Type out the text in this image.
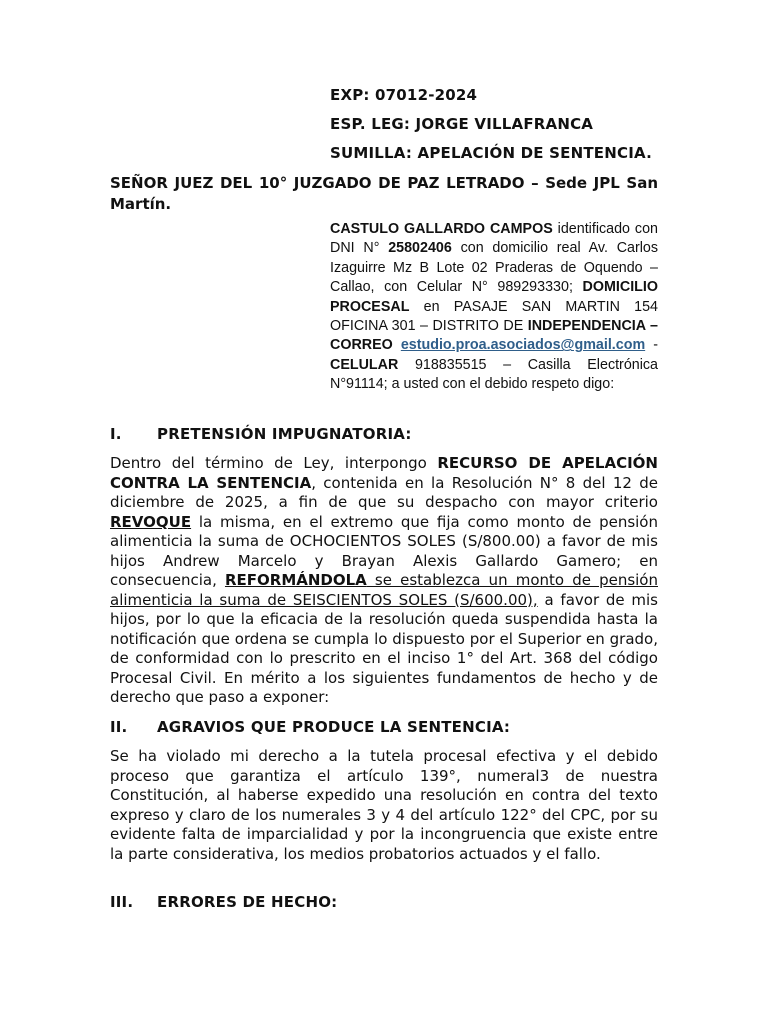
EXP: 07012-2024
ESP. LEG: JORGE VILLAFRANCA
SUMILLA: APELACIÓN DE SENTENCIA.
SEÑOR JUEZ DEL 10° JUZGADO DE PAZ LETRADO – Sede JPL San Martín.
CASTULO GALLARDO CAMPOS identificado con DNI N° 25802406 con domicilio real Av. Carlos Izaguirre Mz B Lote 02 Praderas de Oquendo – Callao, con Celular N° 989293330; DOMICILIO PROCESAL en PASAJE SAN MARTIN 154 OFICINA 301 – DISTRITO DE INDEPENDENCIA – CORREO estudio.proa.asociados@gmail.com - CELULAR 918835515 – Casilla Electrónica N°91114; a usted con el debido respeto digo:
I. PRETENSIÓN IMPUGNATORIA:
Dentro del término de Ley, interpongo RECURSO DE APELACIÓN CONTRA LA SENTENCIA, contenida en la Resolución N° 8 del 12 de diciembre de 2025, a fin de que su despacho con mayor criterio REVOQUE la misma, en el extremo que fija como monto de pensión alimenticia la suma de OCHOCIENTOS SOLES (S/800.00) a favor de mis hijos Andrew Marcelo y Brayan Alexis Gallardo Gamero; en consecuencia, REFORMÁNDOLA se establezca un monto de pensión alimenticia la suma de SEISCIENTOS SOLES (S/600.00), a favor de mis hijos, por lo que la eficacia de la resolución queda suspendida hasta la notificación que ordena se cumpla lo dispuesto por el Superior en grado, de conformidad con lo prescrito en el inciso 1° del Art. 368 del código Procesal Civil. En mérito a los siguientes fundamentos de hecho y de derecho que paso a exponer:
II. AGRAVIOS QUE PRODUCE LA SENTENCIA:
Se ha violado mi derecho a la tutela procesal efectiva y el debido proceso que garantiza el artículo 139°, numeral3 de nuestra Constitución, al haberse expedido una resolución en contra del texto expreso y claro de los numerales 3 y 4 del artículo 122° del CPC, por su evidente falta de imparcialidad y por la incongruencia que existe entre la parte considerativa, los medios probatorios actuados y el fallo.
III. ERRORES DE HECHO:
